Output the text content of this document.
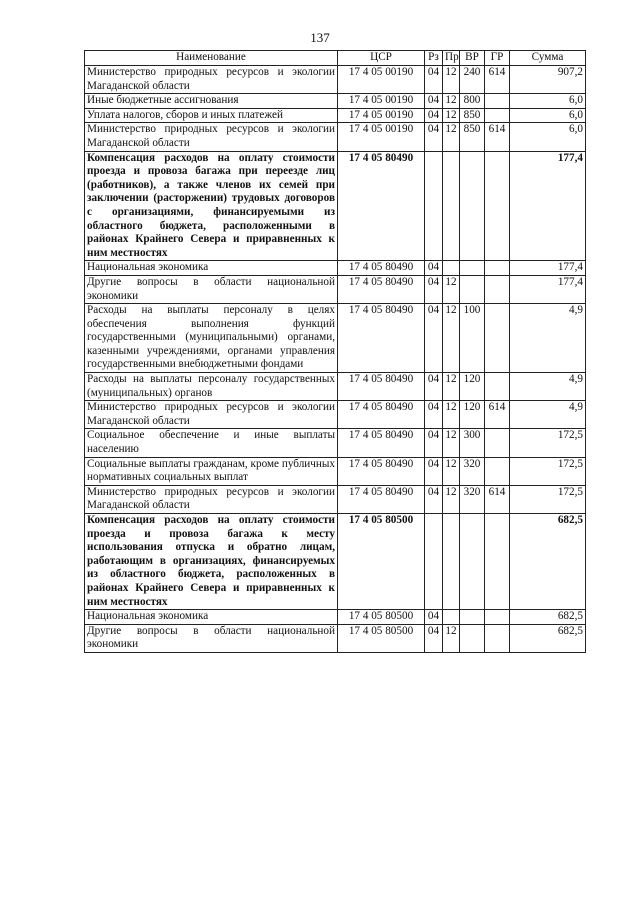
137
Наименование	ЦСР	Рз	Пр	ВР	ГР	Сумма
Министерство природных ресурсов и экологии Магаданской области	17 4 05 00190	04	12	240	614	907,2
Иные бюджетные ассигнования	17 4 05 00190	04	12	800		6,0
Уплата налогов, сборов и иных платежей	17 4 05 00190	04	12	850		6,0
Министерство природных ресурсов и экологии Магаданской области	17 4 05 00190	04	12	850	614	6,0
Компенсация расходов на оплату стоимости проезда и провоза багажа при переезде лиц (работников), а также членов их семей при заключении (расторжении) трудовых договоров с организациями, финансируемыми из областного бюджета, расположенными в районах Крайнего Севера и приравненных к ним местностях	17 4 05 80490					177,4
Национальная экономика	17 4 05 80490	04				177,4
Другие вопросы в области национальной экономики	17 4 05 80490	04	12			177,4
Расходы на выплаты персоналу в целях обеспечения выполнения функций государственными (муниципальными) органами, казенными учреждениями, органами управления государственными внебюджетными фондами	17 4 05 80490	04	12	100		4,9
Расходы на выплаты персоналу государственных (муниципальных) органов	17 4 05 80490	04	12	120		4,9
Министерство природных ресурсов и экологии Магаданской области	17 4 05 80490	04	12	120	614	4,9
Социальное обеспечение и иные выплаты населению	17 4 05 80490	04	12	300		172,5
Социальные выплаты гражданам, кроме публичных нормативных социальных выплат	17 4 05 80490	04	12	320		172,5
Министерство природных ресурсов и экологии Магаданской области	17 4 05 80490	04	12	320	614	172,5
Компенсация расходов на оплату стоимости проезда и провоза багажа к месту использования отпуска и обратно лицам, работающим в организациях, финансируемых из областного бюджета, расположенных в районах Крайнего Севера и приравненных к ним местностях	17 4 05 80500					682,5
Национальная экономика	17 4 05 80500	04				682,5
Другие вопросы в области национальной экономики	17 4 05 80500	04	12			682,5
